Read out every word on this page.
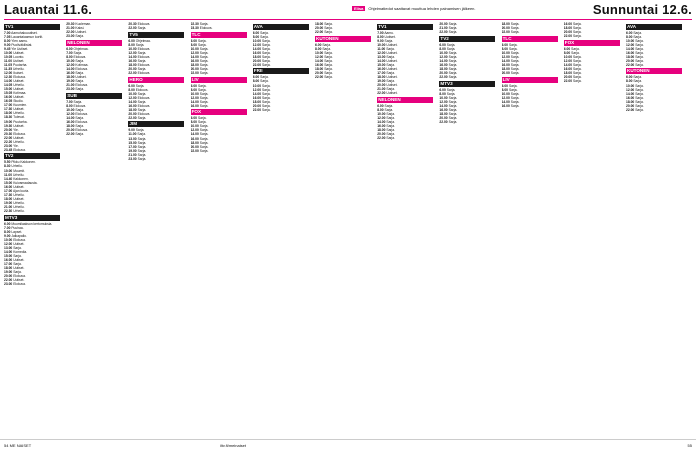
Lauantai 11.6.	Elisa	Ohjelmatiedot saattavat muuttua lehden painamisen jälkeen.	Sunnuntai 12.6.
TV1
7.00 Aamuhakuuutiset.
7.05 Lauantaiaamun kortit.
8.00 Ylen aamu.
9.00 Puoliväkilistat.
9.45 Yle Uutiset.
10.00 Uutiset.
10.05 Luonto.
11.00 Uutiset.
11.05 Puutarha.
11.35 Urheilu.
12.00 Ikuiset.
12.30 Elokuva.
14.00 Uutiset.
14.05 Urheilu.
15.00 Uutiset.
15.05 Kotimaa.
16.00 Uutiset.
16.05 Studio.
17.00 Kuumien.
17.30 Uutiset.
18.00 Urheilu.
18.30 Tulevat.
19.00 Puutarha.
19.30 Uutiset.
20.00 Yle.
20.30 Elokuva.
22.00 Uutiset.
22.20 Urheilu.
23.00 Yle.
23.45 Elokuva.
TV2
5.50 Pikku Kakkonen.
8.30 Urheilu.
10.00 Muumit.
11.00 Urheilu.
14.40 Kakkonen.
15.00 Kuivamaalausta.
16.00 Uutiset.
17.00 Ajan kuvia.
17.30 Urheilu.
18.00 Uutiset.
19.00 Urheilu.
21.00 Urheilu.
22.30 Urheilu.
MTV3
6.00 Muumilaakson kertomuksia.
7.00 Puuhaa.
8.00 Lapset.
9.00 Jalkapallo.
10.00 Elokuva.
12.00 Uutiset.
13.00 Sarja.
14.00 Komedia.
15.00 Sarja.
16.00 Uutiset.
17.00 Sarja.
18.00 Uutiset.
19.00 Sarja.
20.00 Elokuva.
22.00 Uutiset.
23.00 Elokuva.
20.30 Kuoleman.
21.00 Kaksi.
22.00 Uutiset.
23.00 Sarja.
NELONEN
6.00 Ohjelmaa.
7.00 Sarja.
8.00 Elokuva.
10.00 Sarja.
12.00 Kotimaa.
14.00 Elokuva.
16.00 Sarja.
18.00 Uutiset.
19.00 Sarja.
21.00 Elokuva.
23.00 Sarja.
SUB
7.00 Sarja.
8.00 Elokuva.
10.00 Sarja.
12.00 Elokuva.
14.00 Sarja.
16.00 Elokuva.
18.00 Sarja.
20.00 Elokuva.
22.00 Sarja.
20.30 Elokuva.
22.00 Sarja.
TV5
6.00 Ohjelmaa.
8.00 Sarja.
10.00 Elokuva.
12.00 Sarja.
14.00 Elokuva.
16.00 Sarja.
18.00 Elokuva.
20.00 Sarja.
22.00 Elokuva.
HERO
6.00 Sarja.
8.00 Elokuva.
10.00 Sarja.
12.00 Elokuva.
14.00 Sarja.
16.00 Elokuva.
18.00 Sarja.
20.00 Elokuva.
22.00 Sarja.
JIM
9.00 Sarja.
11.00 Sarja.
13.00 Sarja.
15.00 Sarja.
17.00 Sarja.
19.00 Sarja.
21.00 Sarja.
23.00 Sarja.
22.30 Sarja.
23.30 Elokuva.
TLC
6.00 Sarja.
8.00 Sarja.
10.00 Sarja.
12.00 Sarja.
14.00 Sarja.
16.00 Sarja.
18.00 Sarja.
20.00 Sarja.
22.00 Sarja.
LIV
6.00 Sarja.
8.00 Sarja.
10.00 Sarja.
12.00 Sarja.
14.00 Sarja.
16.00 Sarja.
FOX
6.00 Sarja.
8.00 Sarja.
10.00 Sarja.
12.00 Sarja.
14.00 Sarja.
16.00 Sarja.
18.00 Sarja.
20.00 Sarja.
22.00 Sarja.
AVA
6.00 Sarja.
8.00 Sarja.
10.00 Sarja.
12.00 Sarja.
14.00 Sarja.
16.00 Sarja.
18.00 Sarja.
20.00 Sarja.
22.00 Sarja.
FRII
6.00 Sarja.
8.00 Sarja.
10.00 Sarja.
12.00 Sarja.
14.00 Sarja.
16.00 Sarja.
18.00 Sarja.
20.00 Sarja.
22.00 Sarja.
18.00 Sarja.
20.00 Sarja.
22.00 Sarja.
KUTONEN
6.00 Sarja.
8.00 Sarja.
10.00 Sarja.
12.00 Sarja.
14.00 Sarja.
16.00 Sarja.
18.00 Sarja.
20.00 Sarja.
22.00 Sarja.
TV1
7.00 Aamu.
8.00 Uutiset.
9.00 Sarja.
10.00 Uutiset.
11.00 Sarja.
12.00 Uutiset.
13.00 Sarja.
14.00 Uutiset.
15.00 Sarja.
16.00 Uutiset.
17.00 Sarja.
18.00 Uutiset.
19.00 Sarja.
20.00 Uutiset.
21.00 Sarja.
22.00 Uutiset.
NELONEN
6.00 Sarja.
8.00 Sarja.
10.00 Sarja.
12.00 Sarja.
14.00 Sarja.
16.00 Sarja.
18.00 Sarja.
20.00 Sarja.
22.00 Sarja.
20.00 Sarja.
21.00 Sarja.
22.00 Sarja.
TV2
6.00 Sarja.
8.00 Sarja.
10.00 Sarja.
12.00 Sarja.
14.00 Sarja.
16.00 Sarja.
18.00 Sarja.
20.00 Sarja.
22.00 Sarja.
MTV3
6.00 Sarja.
8.00 Sarja.
10.00 Sarja.
12.00 Sarja.
14.00 Sarja.
16.00 Sarja.
18.00 Sarja.
20.00 Sarja.
22.00 Sarja.
18.00 Sarja.
20.00 Sarja.
22.00 Sarja.
TLC
6.00 Sarja.
8.00 Sarja.
10.00 Sarja.
12.00 Sarja.
14.00 Sarja.
16.00 Sarja.
18.00 Sarja.
20.00 Sarja.
LIV
6.00 Sarja.
8.00 Sarja.
10.00 Sarja.
12.00 Sarja.
14.00 Sarja.
16.00 Sarja.
16.00 Sarja.
18.00 Sarja.
20.00 Sarja.
22.00 Sarja.
FOX
6.00 Sarja.
8.00 Sarja.
10.00 Sarja.
12.00 Sarja.
14.00 Sarja.
16.00 Sarja.
18.00 Sarja.
20.00 Sarja.
22.00 Sarja.
AVA
6.00 Sarja.
8.00 Sarja.
10.00 Sarja.
12.00 Sarja.
14.00 Sarja.
16.00 Sarja.
18.00 Sarja.
20.00 Sarja.
22.00 Sarja.
KUTONEN
6.00 Sarja.
8.00 Sarja.
10.00 Sarja.
12.00 Sarja.
14.00 Sarja.
16.00 Sarja.
18.00 Sarja.
20.00 Sarja.
22.00 Sarja.
54 ME NAISET	iltv.fi/meinaiset	55
